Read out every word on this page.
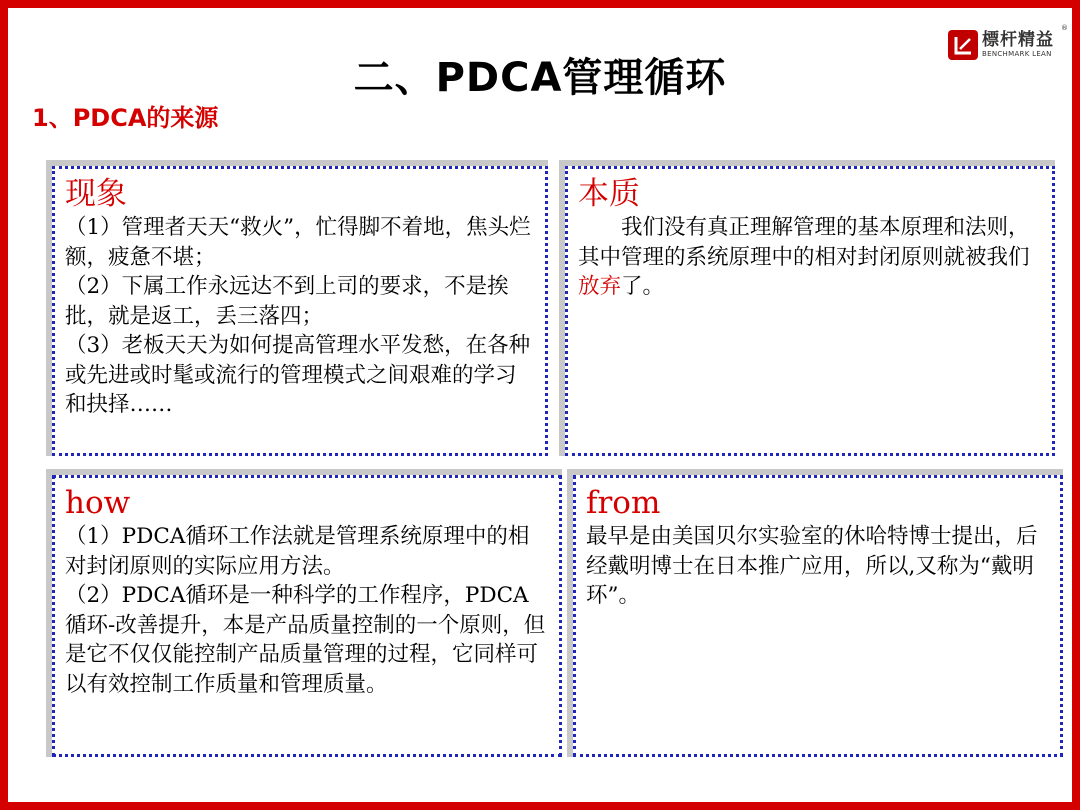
標杆精益
BENCHMARK LEAN
®
二、PDCA管理循环
1、PDCA的来源
现象
（1）管理者天天“救火”，忙得脚不着地，焦头烂额，疲惫不堪；
（2）下属工作永远达不到上司的要求，不是挨批，就是返工，丢三落四；
（3）老板天天为如何提高管理水平发愁，在各种或先进或时髦或流行的管理模式之间艰难的学习和抉择……
本质
我们没有真正理解管理的基本原理和法则，其中管理的系统原理中的相对封闭原则就被我们放弃了。
how
（1）PDCA循环工作法就是管理系统原理中的相对封闭原则的实际应用方法。
（2）PDCA循环是一种科学的工作程序，PDCA循环-改善提升，本是产品质量控制的一个原则，但是它不仅仅能控制产品质量管理的过程，它同样可以有效控制工作质量和管理质量。
from
最早是由美国贝尔实验室的休哈特博士提出，后经戴明博士在日本推广应用，所以,又称为“戴明环”。
